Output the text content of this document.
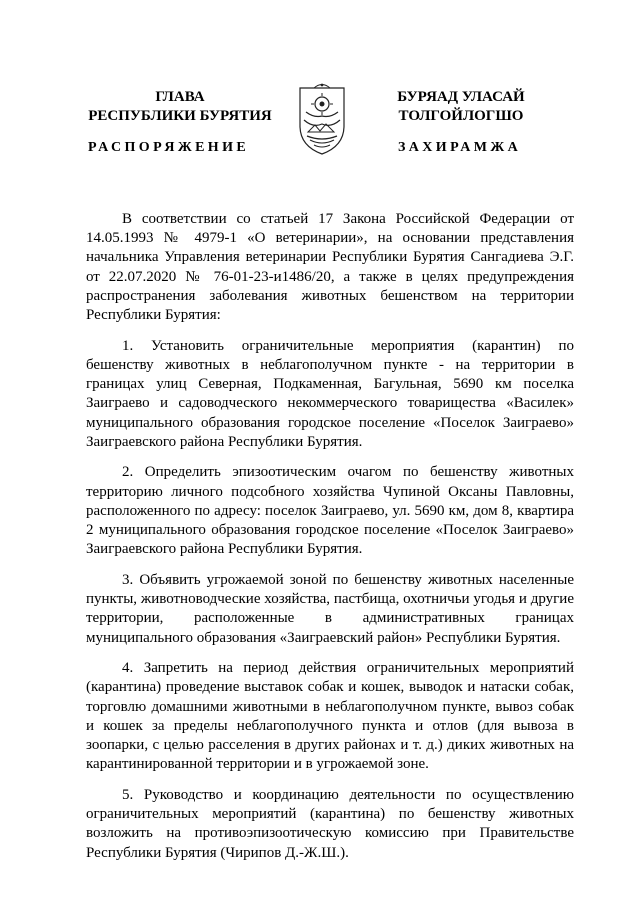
ГЛАВА
РЕСПУБЛИКИ БУРЯТИЯ
БУРЯАД УЛАСАЙ
ТОЛГОЙЛОГШО
РАСПОРЯЖЕНИЕ	ЗАХИРАМЖА

В соответствии со статьей 17 Закона Российской Федерации от 14.05.1993 № 4979-1 «О ветеринарии», на основании представления начальника Управления ветеринарии Республики Бурятия Сангадиева Э.Г. от 22.07.2020 № 76-01-23-и1486/20, а также в целях предупреждения распространения заболевания животных бешенством на территории Республики Бурятия:

1. Установить ограничительные мероприятия (карантин) по бешенству животных в неблагополучном пункте - на территории в границах улиц Северная, Подкаменная, Багульная, 5690 км поселка Заиграево и садоводческого некоммерческого товарищества «Василек» муниципального образования городское поселение «Поселок Заиграево» Заиграевского района Республики Бурятия.

2. Определить эпизоотическим очагом по бешенству животных территорию личного подсобного хозяйства Чупиной Оксаны Павловны, расположенного по адресу: поселок Заиграево, ул. 5690 км, дом 8, квартира 2 муниципального образования городское поселение «Поселок Заиграево» Заиграевского района Республики Бурятия.

3. Объявить угрожаемой зоной по бешенству животных населенные пункты, животноводческие хозяйства, пастбища, охотничьи угодья и другие территории, расположенные в административных границах муниципального образования «Заиграевский район» Республики Бурятия.

4. Запретить на период действия ограничительных мероприятий (карантина) проведение выставок собак и кошек, выводок и натаски собак, торговлю домашними животными в неблагополучном пункте, вывоз собак и кошек за пределы неблагополучного пункта и отлов (для вывоза в зоопарки, с целью расселения в других районах и т. д.) диких животных на карантинированной территории и в угрожаемой зоне.

5. Руководство и координацию деятельности по осуществлению ограничительных мероприятий (карантина) по бешенству животных возложить на противоэпизоотическую комиссию при Правительстве Республики Бурятия (Чирипов Д.-Ж.Ш.).
